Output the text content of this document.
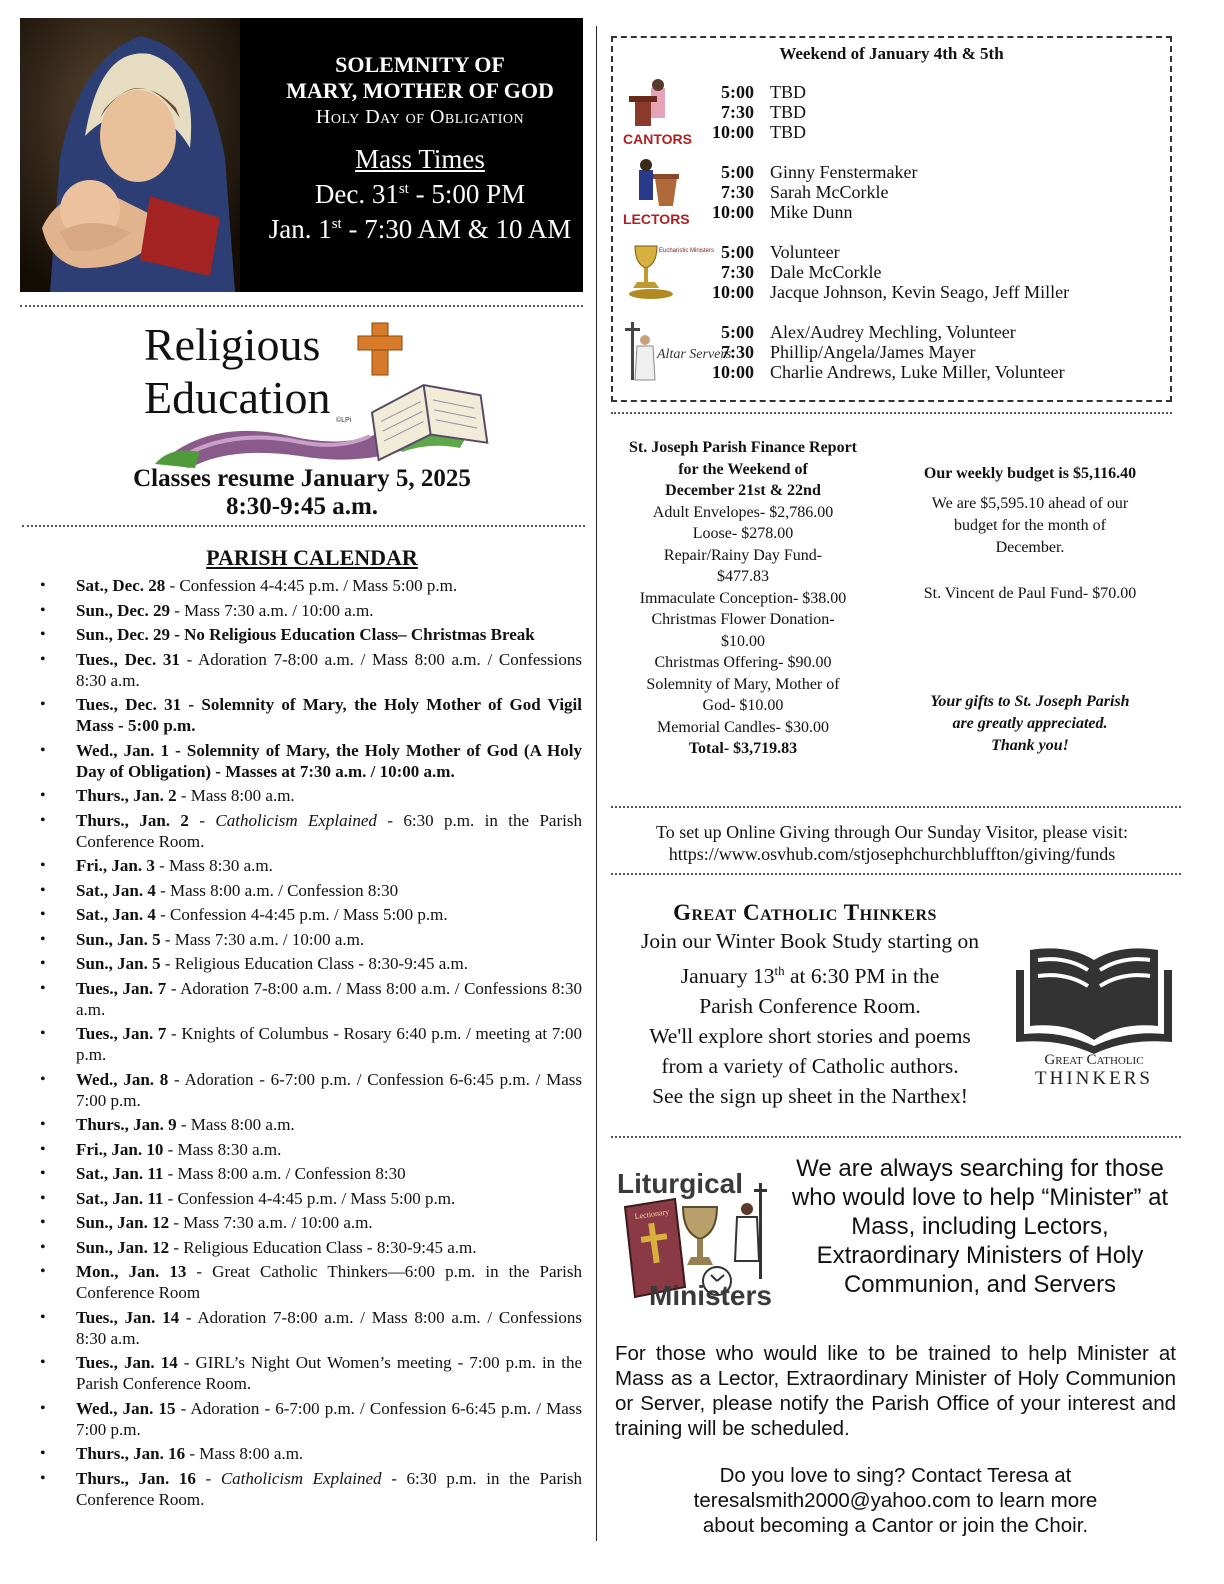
SOLEMNITY OF
MARY, MOTHER OF GOD
Holy Day of Obligation
Mass Times
Dec. 31st - 5:00 PM
Jan. 1st - 7:30 AM & 10 AM
Religious
Education ©LPi
Classes resume January 5, 2025
8:30-9:45 a.m.
PARISH CALENDAR
• Sat., Dec. 28 - Confession 4-4:45 p.m. / Mass 5:00 p.m.
• Sun., Dec. 29 - Mass 7:30 a.m. / 10:00 a.m.
• Sun., Dec. 29 - No Religious Education Class– Christmas Break
• Tues., Dec. 31 - Adoration 7-8:00 a.m. / Mass 8:00 a.m. / Confessions 8:30 a.m.
• Tues., Dec. 31 - Solemnity of Mary, the Holy Mother of God Vigil Mass - 5:00 p.m.
• Wed., Jan. 1 - Solemnity of Mary, the Holy Mother of God (A Holy Day of Obligation) - Masses at 7:30 a.m. / 10:00 a.m.
• Thurs., Jan. 2 - Mass 8:00 a.m.
• Thurs., Jan. 2 - Catholicism Explained - 6:30 p.m. in the Parish Conference Room.
• Fri., Jan. 3 - Mass 8:30 a.m.
• Sat., Jan. 4 - Mass 8:00 a.m. / Confession 8:30
• Sat., Jan. 4 - Confession 4-4:45 p.m. / Mass 5:00 p.m.
• Sun., Jan. 5 - Mass 7:30 a.m. / 10:00 a.m.
• Sun., Jan. 5 - Religious Education Class - 8:30-9:45 a.m.
• Tues., Jan. 7 - Adoration 7-8:00 a.m. / Mass 8:00 a.m. / Confessions 8:30 a.m.
• Tues., Jan. 7 - Knights of Columbus - Rosary 6:40 p.m. / meeting at 7:00 p.m.
• Wed., Jan. 8 - Adoration - 6-7:00 p.m. / Confession 6-6:45 p.m. / Mass 7:00 p.m.
• Thurs., Jan. 9 - Mass 8:00 a.m.
• Fri., Jan. 10 - Mass 8:30 a.m.
• Sat., Jan. 11 - Mass 8:00 a.m. / Confession 8:30
• Sat., Jan. 11 - Confession 4-4:45 p.m. / Mass 5:00 p.m.
• Sun., Jan. 12 - Mass 7:30 a.m. / 10:00 a.m.
• Sun., Jan. 12 - Religious Education Class - 8:30-9:45 a.m.
• Mon., Jan. 13 - Great Catholic Thinkers—6:00 p.m. in the Parish Conference Room
• Tues., Jan. 14 - Adoration 7-8:00 a.m. / Mass 8:00 a.m. / Confessions 8:30 a.m.
• Tues., Jan. 14 - GIRL’s Night Out Women’s meeting - 7:00 p.m. in the Parish Conference Room.
• Wed., Jan. 15 - Adoration - 6-7:00 p.m. / Confession 6-6:45 p.m. / Mass 7:00 p.m.
• Thurs., Jan. 16 - Mass 8:00 a.m.
• Thurs., Jan. 16 - Catholicism Explained - 6:30 p.m. in the Parish Conference Room.
Weekend of January 4th & 5th
CANTORS
5:00 TBD
7:30 TBD
10:00 TBD
LECTORS
5:00 Ginny Fenstermaker
7:30 Sarah McCorkle
10:00 Mike Dunn
Eucharistic Ministers 5:00 Volunteer
7:30 Dale McCorkle
10:00 Jacque Johnson, Kevin Seago, Jeff Miller
Altar Servers
5:00 Alex/Audrey Mechling, Volunteer
7:30 Phillip/Angela/James Mayer
10:00 Charlie Andrews, Luke Miller, Volunteer
St. Joseph Parish Finance Report
for the Weekend of
December 21st & 22nd
Adult Envelopes- $2,786.00
Loose- $278.00
Repair/Rainy Day Fund-
$477.83
Immaculate Conception- $38.00
Christmas Flower Donation-
$10.00
Christmas Offering- $90.00
Solemnity of Mary, Mother of
God- $10.00
Memorial Candles- $30.00
Total- $3,719.83
Our weekly budget is $5,116.40
We are $5,595.10 ahead of our
budget for the month of
December.
St. Vincent de Paul Fund- $70.00
Your gifts to St. Joseph Parish
are greatly appreciated.
Thank you!
To set up Online Giving through Our Sunday Visitor, please visit:
https://www.osvhub.com/stjosephchurchbluffton/giving/funds
Great Catholic Thinkers
Join our Winter Book Study starting on
January 13th at 6:30 PM in the
Parish Conference Room.
We'll explore short stories and poems
from a variety of Catholic authors.
See the sign up sheet in the Narthex!
Great Catholic
THINKERS
Liturgical
Lectionary
Ministers
We are always searching for those who would love to help “Minister” at Mass, including Lectors, Extraordinary Ministers of Holy Communion, and Servers
For those who would like to be trained to help Minister at Mass as a Lector, Extraordinary Minister of Holy Communion or Server, please notify the Parish Office of your interest and training will be scheduled.
Do you love to sing? Contact Teresa at
teresalsmith2000@yahoo.com to learn more
about becoming a Cantor or join the Choir.
